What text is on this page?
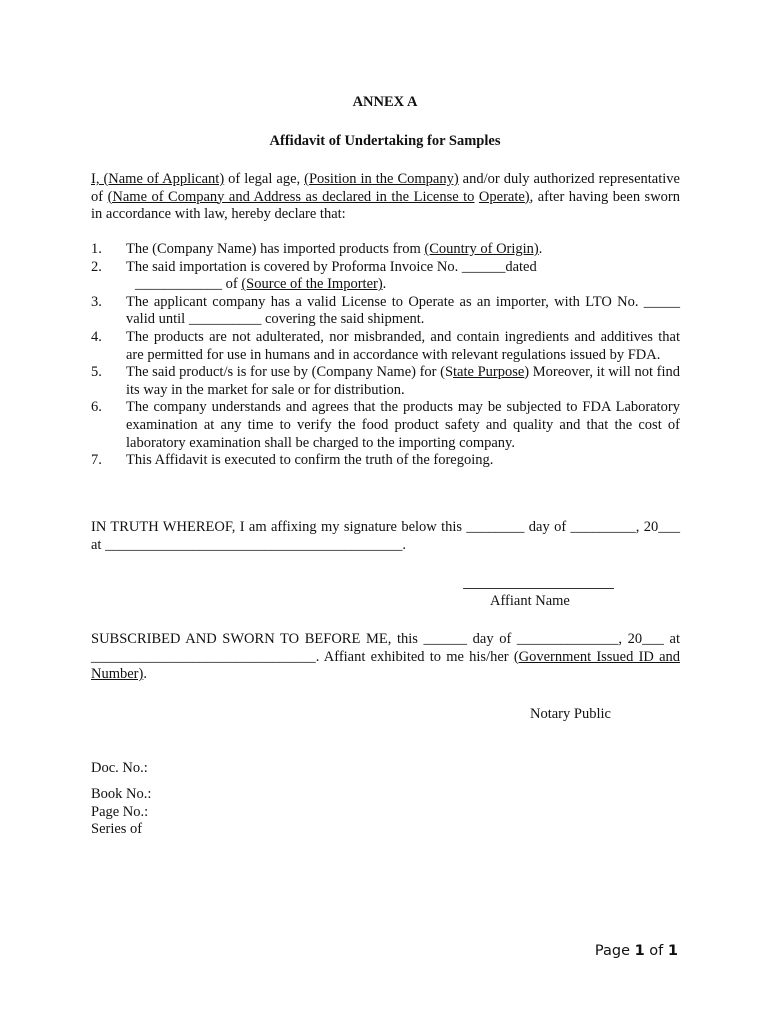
ANNEX A
Affidavit of Undertaking for Samples
I, (Name of Applicant) of legal age, (Position in the Company) and/or duly authorized representative of (Name of Company and Address as declared in the License to Operate), after having been sworn in accordance with law, hereby declare that:
1. The (Company Name) has imported products from (Country of Origin).
2. The said importation is covered by Proforma Invoice No. ______dated
____________ of (Source of the Importer).
3. The applicant company has a valid License to Operate as an importer, with LTO No. _____ valid until __________ covering the said shipment.
4. The products are not adulterated, nor misbranded, and contain ingredients and additives that are permitted for use in humans and in accordance with relevant regulations issued by FDA.
5. The said product/s is for use by (Company Name) for (State Purpose) Moreover, it will not find its way in the market for sale or for distribution.
6. The company understands and agrees that the products may be subjected to FDA Laboratory examination at any time to verify the food product safety and quality and that the cost of laboratory examination shall be charged to the importing company.
7. This Affidavit is executed to confirm the truth of the foregoing.
IN TRUTH WHEREOF, I am affixing my signature below this ________ day of _________, 20___ at _________________________________________.
Affiant Name
SUBSCRIBED AND SWORN TO BEFORE ME, this ______ day of ______________, 20___ at _______________________________. Affiant exhibited to me his/her (Government Issued ID and Number).
Notary Public
Doc. No.:
Book No.:
Page No.:
Series of
Page 1 of 1
